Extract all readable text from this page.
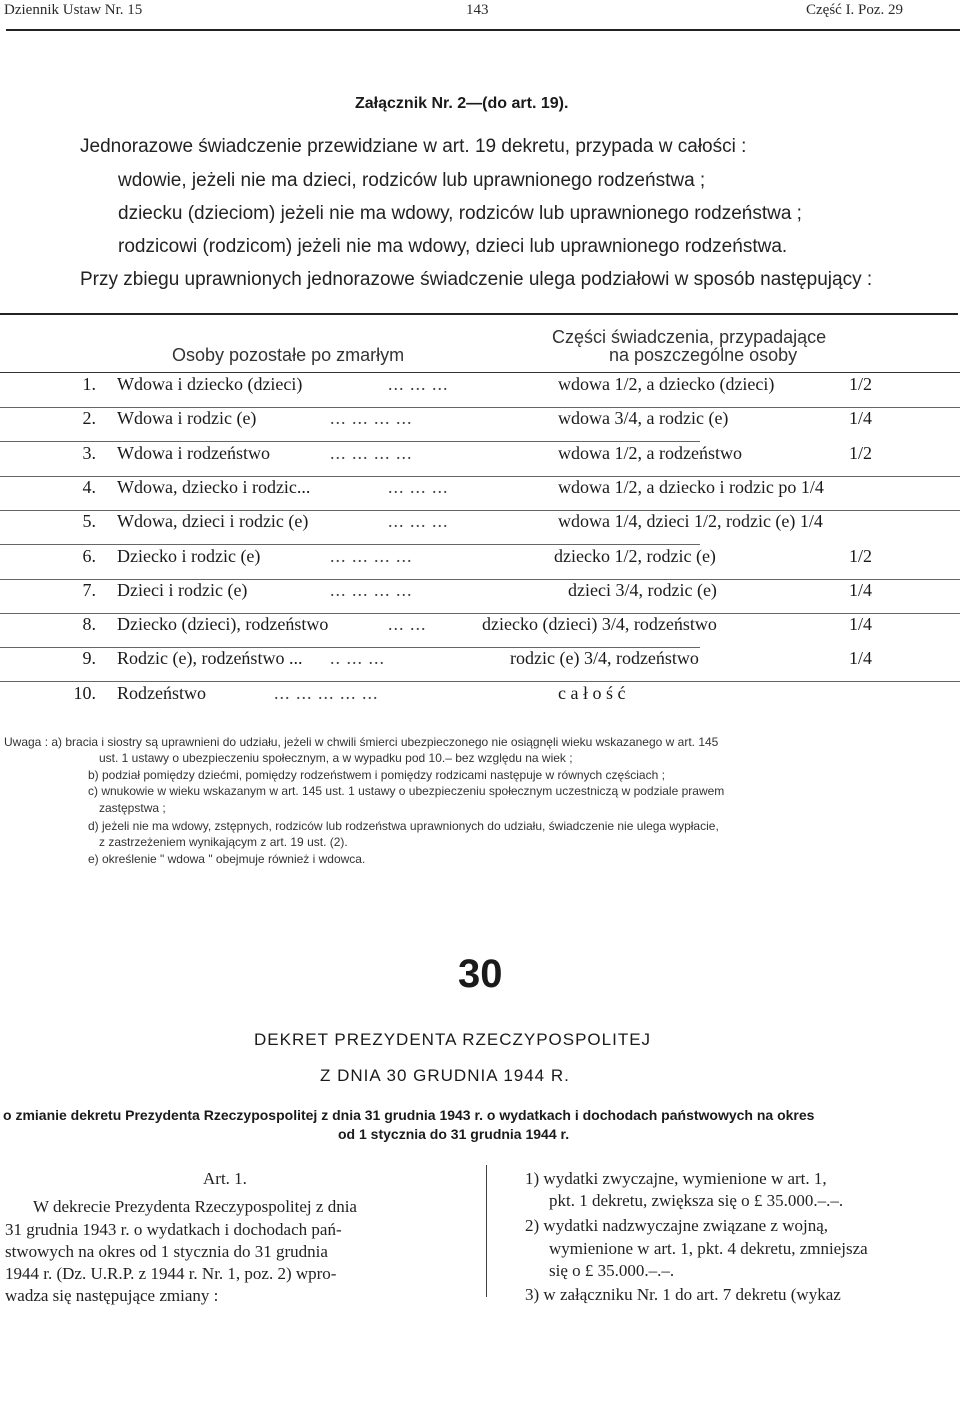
Dziennik Ustaw Nr. 15	143	Część I. Poz. 29
Załącznik Nr. 2—(do art. 19).
Jednorazowe świadczenie przewidziane w art. 19 dekretu, przypada w całości :
wdowie, jeżeli nie ma dzieci, rodziców lub uprawnionego rodzeństwa ;
dziecku (dzieciom) jeżeli nie ma wdowy, rodziców lub uprawnionego rodzeństwa ;
rodzicowi (rodzicom) jeżeli nie ma wdowy, dzieci lub uprawnionego rodzeństwa.
Przy zbiegu uprawnionych jednorazowe świadczenie ulega podziałowi w sposób następujący :
Osoby pozostałe po zmarłym
Części świadczenia, przypadające
na poszczególne osoby
1. Wdowa i dziecko (dzieci)	... ... ...	wdowa 1/2, a dziecko (dzieci)	1/2
2. Wdowa i rodzic (e)	... ... ... ...	wdowa 3/4, a rodzic (e)	1/4
3. Wdowa i rodzeństwo	... ... ... ...	wdowa 1/2, a rodzeństwo	1/2
4. Wdowa, dziecko i rodzic...	... ... ...	wdowa 1/2, a dziecko i rodzic po 1/4
5. Wdowa, dzieci i rodzic (e)	... ... ...	wdowa 1/4, dzieci 1/2, rodzic (e) 1/4
6. Dziecko i rodzic (e)	... ... ... ...	dziecko 1/2, rodzic (e)	1/2
7. Dzieci i rodzic (e)	... ... ... ...	dzieci 3/4, rodzic (e)	1/4
8. Dziecko (dzieci), rodzeństwo	... ...	dziecko (dzieci) 3/4, rodzeństwo	1/4
9. Rodzic (e), rodzeństwo ... .. ... ...	rodzic (e) 3/4, rodzeństwo	1/4
10. Rodzeństwo	... ... ... ... ...	c a ł o ś ć
Uwaga : a) bracia i siostry są uprawnieni do udziału, jeżeli w chwili śmierci ubezpieczonego nie osiągnęli wieku wskazanego w art. 145
ust. 1 ustawy o ubezpieczeniu społecznym, a w wypadku pod 10.– bez względu na wiek ;
b) podział pomiędzy dziećmi, pomiędzy rodzeństwem i pomiędzy rodzicami następuje w równych częściach ;
c) wnukowie w wieku wskazanym w art. 145 ust. 1 ustawy o ubezpieczeniu społecznym uczestniczą w podziale prawem
zastępstwa ;
d) jeżeli nie ma wdowy, zstępnych, rodziców lub rodzeństwa uprawnionych do udziału, świadczenie nie ulega wypłacie,
z zastrzeżeniem wynikającym z art. 19 ust. (2).
e) określenie " wdowa " obejmuje również i wdowca.
30
DEKRET PREZYDENTA RZECZYPOSPOLITEJ
Z DNIA 30 GRUDNIA 1944 R.
o zmianie dekretu Prezydenta Rzeczypospolitej z dnia 31 grudnia 1943 r. o wydatkach i dochodach państwowych na okres
od 1 stycznia do 31 grudnia 1944 r.
Art. 1.
W dekrecie Prezydenta Rzeczypospolitej z dnia
31 grudnia 1943 r. o wydatkach i dochodach pań-
stwowych na okres od 1 stycznia do 31 grudnia
1944 r. (Dz. U.R.P. z 1944 r. Nr. 1, poz. 2) wpro-
wadza się następujące zmiany :
1) wydatki zwyczajne, wymienione w art. 1,
pkt. 1 dekretu, zwiększa się o £ 35.000.–.–.
2) wydatki nadzwyczajne związane z wojną,
wymienione w art. 1, pkt. 4 dekretu, zmniejsza
się o £ 35.000.–.–.
3) w załączniku Nr. 1 do art. 7 dekretu (wykaz
